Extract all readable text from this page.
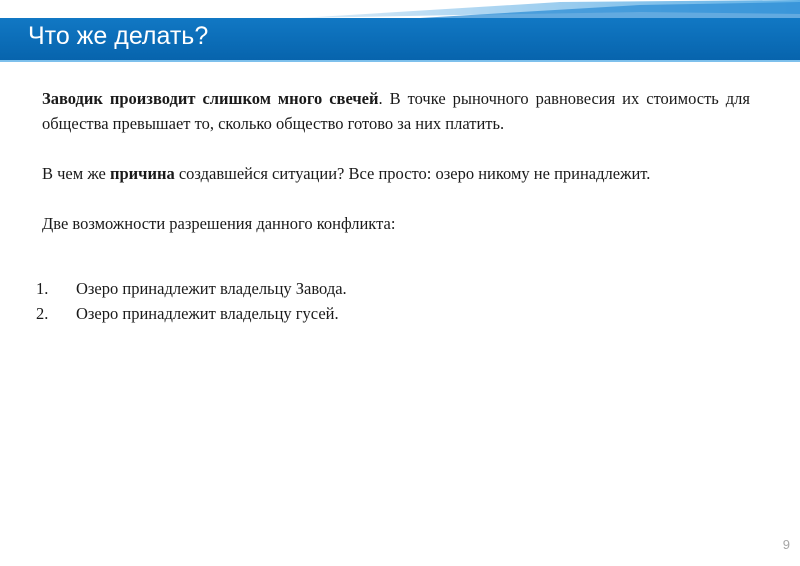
Что же делать?

Заводик производит слишком много свечей. В точке рыночного равновесия их стоимость для общества превышает то, сколько общество готово за них платить.

В чем же причина создавшейся ситуации? Все просто: озеро никому не принадлежит.

Две возможности разрешения данного конфликта:

1. Озеро принадлежит владельцу Завода.
2. Озеро принадлежит владельцу гусей.
9
